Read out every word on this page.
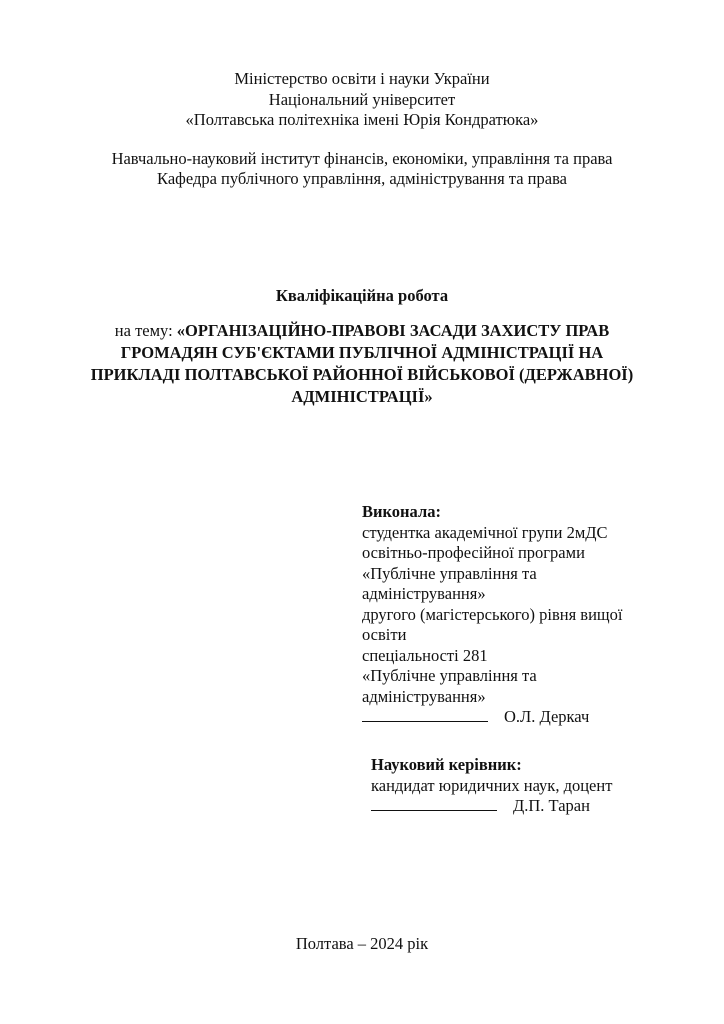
Міністерство освіти і науки України
Національний університет
«Полтавська політехніка імені Юрія Кондратюка»
Навчально-науковий інститут фінансів, економіки, управління та права
Кафедра публічного управління, адміністрування та права
Кваліфікаційна робота
на тему: «ОРГАНІЗАЦІЙНО-ПРАВОВІ ЗАСАДИ ЗАХИСТУ ПРАВ
ГРОМАДЯН СУБ'ЄКТАМИ ПУБЛІЧНОЇ АДМІНІСТРАЦІЇ НА
ПРИКЛАДІ ПОЛТАВСЬКОЇ РАЙОННОЇ ВІЙСЬКОВОЇ (ДЕРЖАВНОЇ)
АДМІНІСТРАЦІЇ»
Виконала:
студентка академічної групи 2мДС
освітньо-професійної програми
«Публічне управління та
адміністрування»
другого (магістерського) рівня вищої
освіти
спеціальності 281
«Публічне управління та
адміністрування»
О.Л. Деркач
Науковий керівник:
кандидат юридичних наук, доцент
Д.П. Таран
Полтава – 2024 рік
